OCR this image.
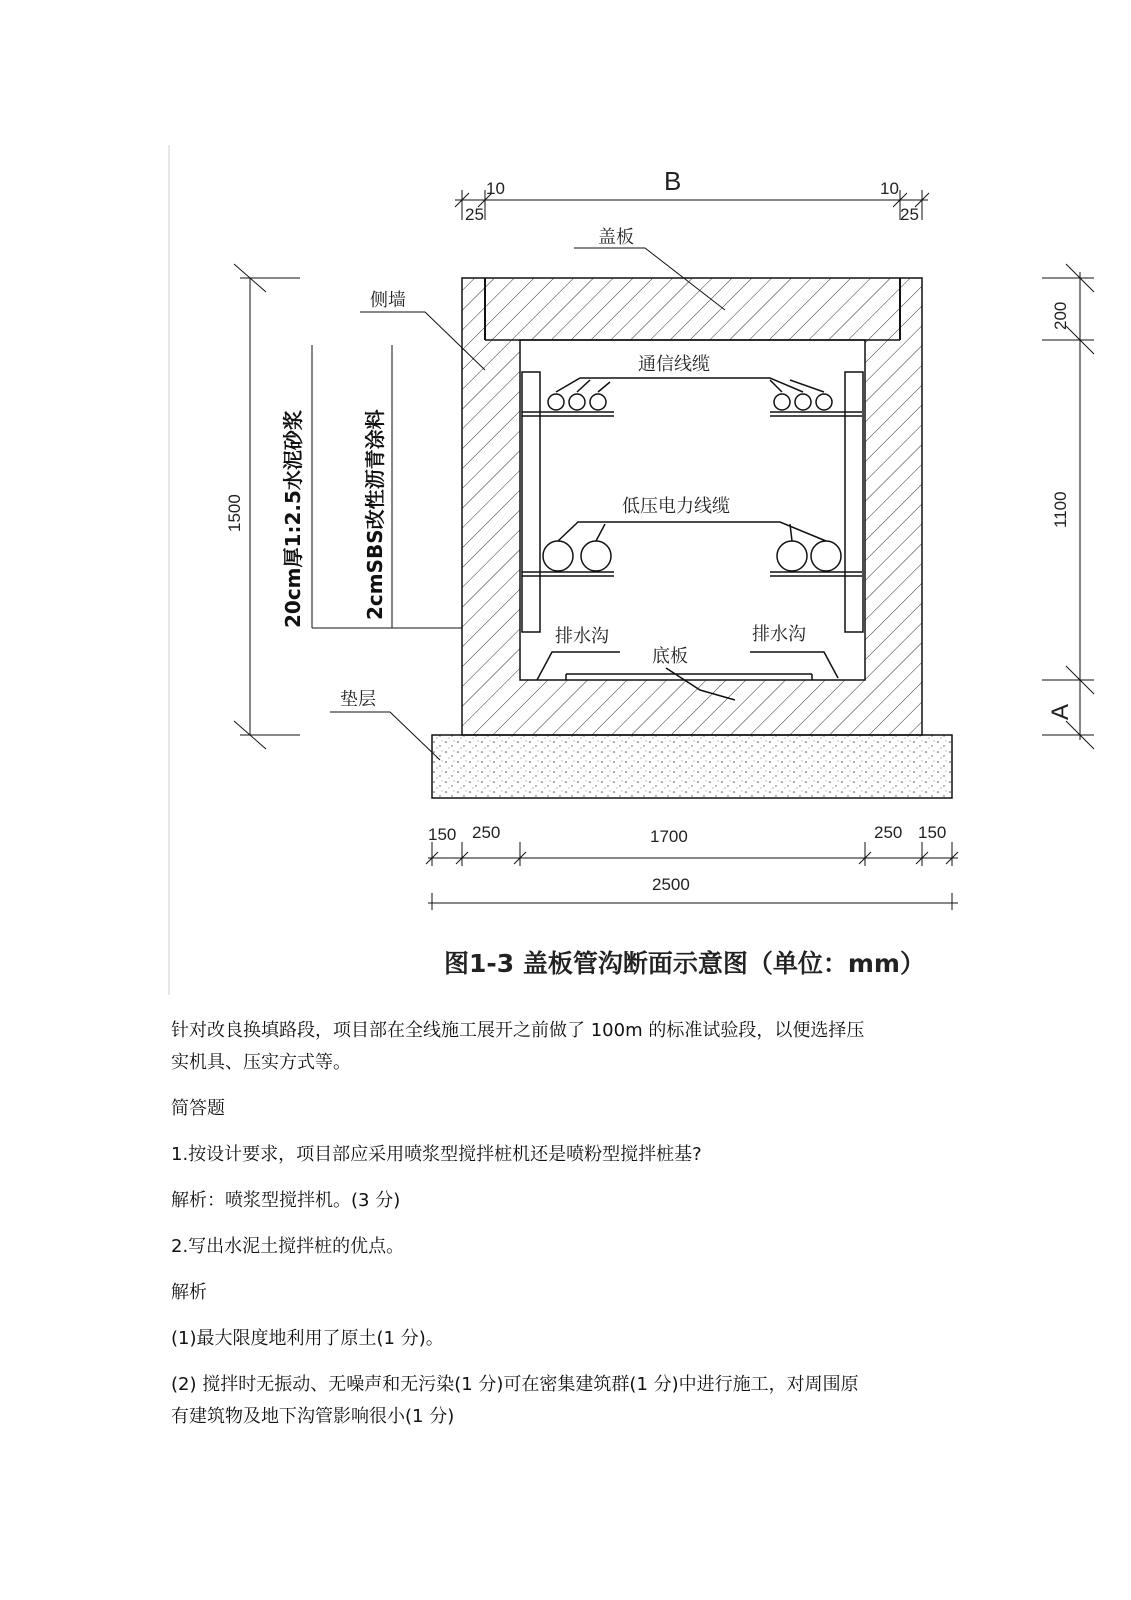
B
10
25
10
25
盖板
侧墙
通信线缆
低压电力线缆
排水沟	排水沟
底板
垫层
20cm厚1:2.5水泥砂浆	2cmSBS改性沥青涂料
1500
200
1100
A
150 250	1700	250 150
2500
图1-3 盖板管沟断面示意图（单位：mm）

针对改良换填路段，项目部在全线施工展开之前做了 100m 的标准试验段，以便选择压
实机具、压实方式等。

简答题

1.按设计要求，项目部应采用喷浆型搅拌桩机还是喷粉型搅拌桩基?

解析：喷浆型搅拌机。(3 分)

2.写出水泥土搅拌桩的优点。

解析

(1)最大限度地利用了原土(1 分)。

(2) 搅拌时无振动、无噪声和无污染(1 分)可在密集建筑群(1 分)中进行施工，对周围原
有建筑物及地下沟管影响很小(1 分)
